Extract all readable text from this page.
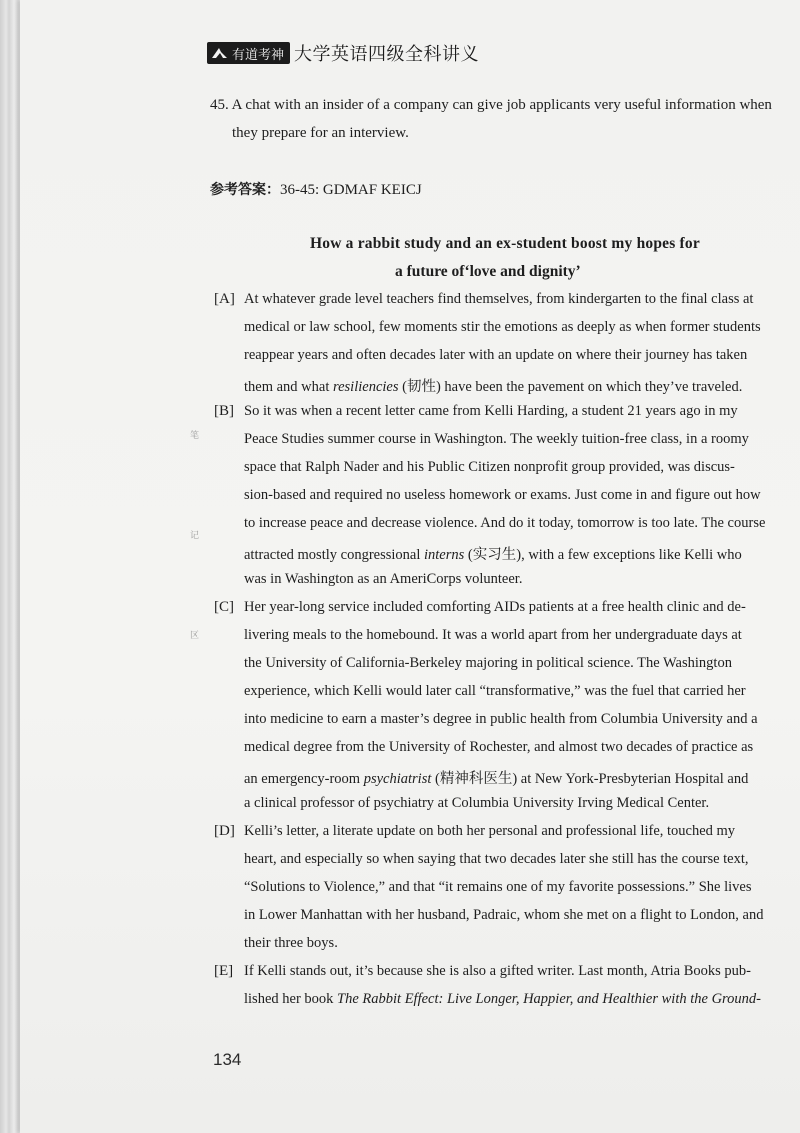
有道考神 大学英语四级全科讲义
45. A chat with an insider of a company can give job applicants very useful information when
they prepare for an interview.
参考答案：36-45: GDMAF KEICJ
How a rabbit study and an ex-student boost my hopes for
a future of‘love and dignity’
[A] At whatever grade level teachers find themselves, from kindergarten to the final class at
medical or law school, few moments stir the emotions as deeply as when former students
reappear years and often decades later with an update on where their journey has taken
them and what resiliencies (韧性) have been the pavement on which they’ve traveled.
[B] So it was when a recent letter came from Kelli Harding, a student 21 years ago in my
Peace Studies summer course in Washington. The weekly tuition-free class, in a roomy
space that Ralph Nader and his Public Citizen nonprofit group provided, was discus-
sion-based and required no useless homework or exams. Just come in and figure out how
to increase peace and decrease violence. And do it today, tomorrow is too late. The course
attracted mostly congressional interns (实习生), with a few exceptions like Kelli who
was in Washington as an AmeriCorps volunteer.
[C] Her year-long service included comforting AIDs patients at a free health clinic and de-
livering meals to the homebound. It was a world apart from her undergraduate days at
the University of California-Berkeley majoring in political science. The Washington
experience, which Kelli would later call “transformative,” was the fuel that carried her
into medicine to earn a master’s degree in public health from Columbia University and a
medical degree from the University of Rochester, and almost two decades of practice as
an emergency-room psychiatrist (精神科医生) at New York-Presbyterian Hospital and
a clinical professor of psychiatry at Columbia University Irving Medical Center.
[D] Kelli’s letter, a literate update on both her personal and professional life, touched my
heart, and especially so when saying that two decades later she still has the course text,
“Solutions to Violence,” and that “it remains one of my favorite possessions.” She lives
in Lower Manhattan with her husband, Padraic, whom she met on a flight to London, and
their three boys.
[E] If Kelli stands out, it’s because she is also a gifted writer. Last month, Atria Books pub-
lished her book The Rabbit Effect: Live Longer, Happier, and Healthier with the Ground-
笔
记
区
134
